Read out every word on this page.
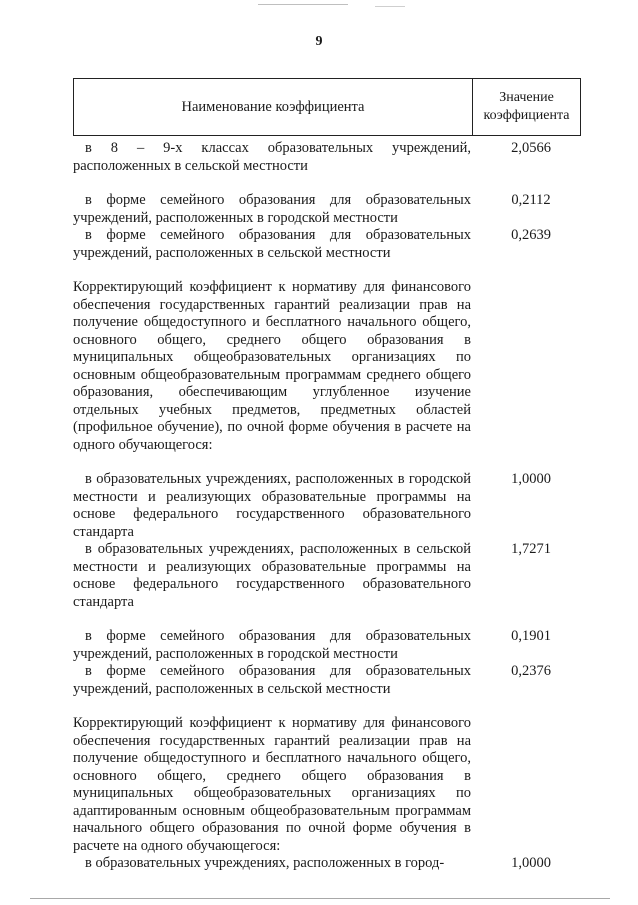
9
Наименование коэффициента
Значение
коэффициента
в 8 – 9-х классах образовательных учреждений, расположенных в сельской местности
2,0566
в форме семейного образования для образовательных учреждений, расположенных в городской местности
0,2112
в форме семейного образования для образовательных учреждений, расположенных в сельской местности
0,2639
Корректирующий коэффициент к нормативу для финансового обеспечения государственных гарантий реализации прав на получение общедоступного и бесплатного начального общего, основного общего, среднего общего образования в муниципальных общеобразовательных организациях по основным общеобразовательным программам среднего общего образования, обеспечивающим углубленное изучение отдельных учебных предметов, предметных областей (профильное обучение), по очной форме обучения в расчете на одного обучающегося:
в образовательных учреждениях, расположенных в городской местности и реализующих образовательные программы на основе федерального государственного образовательного стандарта
1,0000
в образовательных учреждениях, расположенных в сельской местности и реализующих образовательные программы на основе федерального государственного образовательного стандарта
1,7271
в форме семейного образования для образовательных учреждений, расположенных в городской местности
0,1901
в форме семейного образования для образовательных учреждений, расположенных в сельской местности
0,2376
Корректирующий коэффициент к нормативу для финансового обеспечения государственных гарантий реализации прав на получение общедоступного и бесплатного начального общего, основного общего, среднего общего образования в муниципальных общеобразовательных организациях по адаптированным основным общеобразовательным программам начального общего образования по очной форме обучения в расчете на одного обучающегося:
в образовательных учреждениях, расположенных в город-	1,0000
